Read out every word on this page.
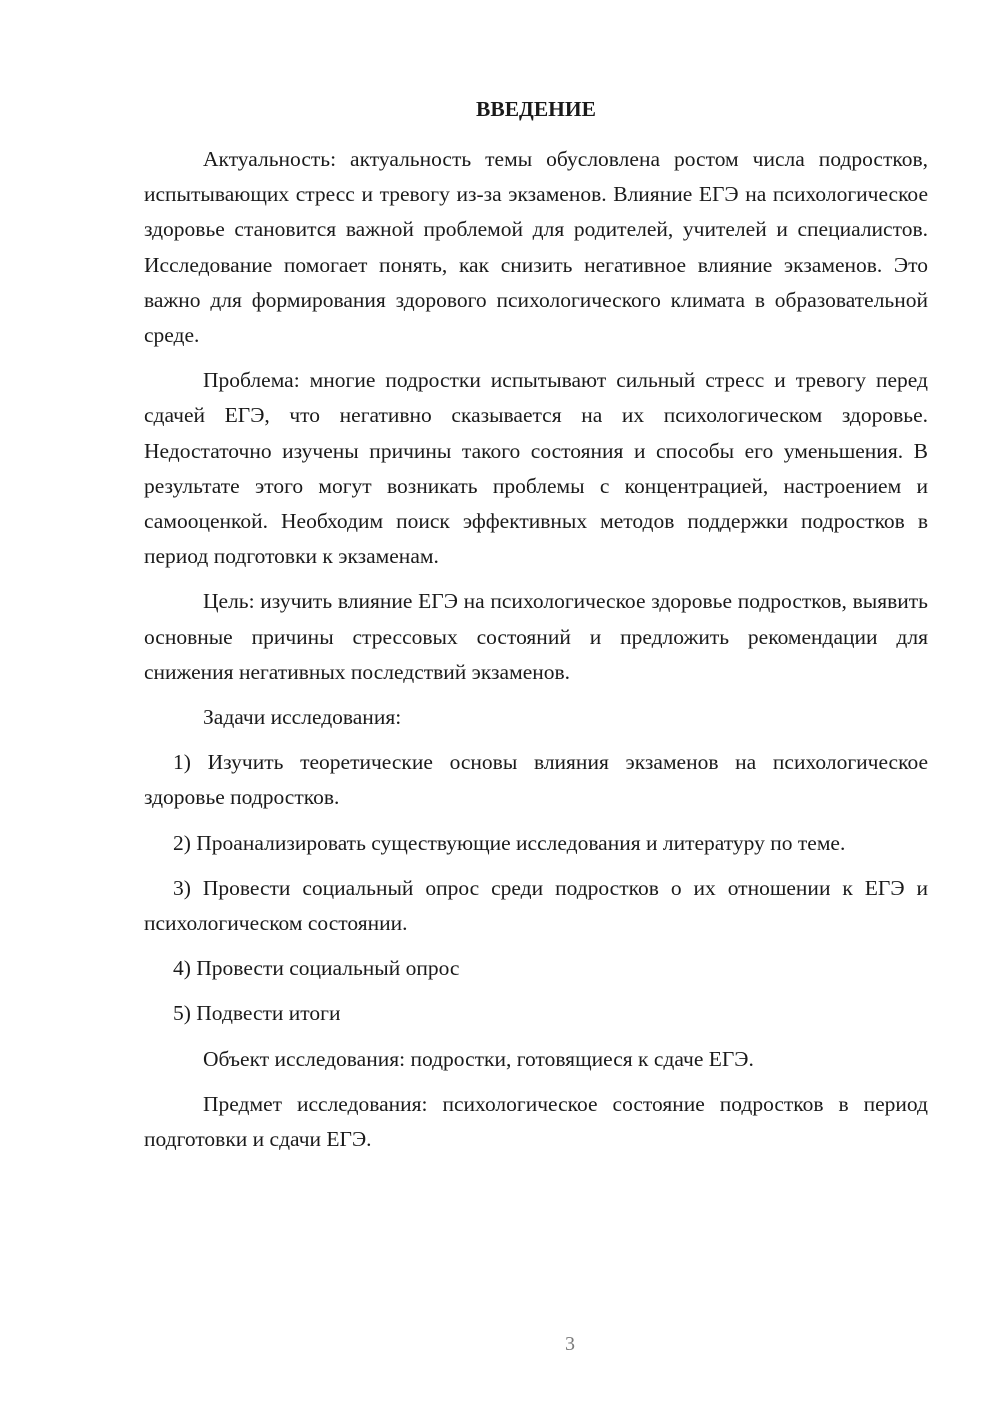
ВВЕДЕНИЕ

Актуальность: актуальность темы обусловлена ростом числа подростков, испытывающих стресс и тревогу из-за экзаменов. Влияние ЕГЭ на психологическое здоровье становится важной проблемой для родителей, учителей и специалистов. Исследование помогает понять, как снизить негативное влияние экзаменов. Это важно для формирования здорового психологического климата в образовательной среде.

Проблема: многие подростки испытывают сильный стресс и тревогу перед сдачей ЕГЭ, что негативно сказывается на их психологическом здоровье. Недостаточно изучены причины такого состояния и способы его уменьшения. В результате этого могут возникать проблемы с концентрацией, настроением и самооценкой. Необходим поиск эффективных методов поддержки подростков в период подготовки к экзаменам.

Цель: изучить влияние ЕГЭ на психологическое здоровье подростков, выявить основные причины стрессовых состояний и предложить рекомендации для снижения негативных последствий экзаменов.

Задачи исследования:

1) Изучить теоретические основы влияния экзаменов на психологическое здоровье подростков.

2) Проанализировать существующие исследования и литературу по теме.

3) Провести социальный опрос среди подростков о их отношении к ЕГЭ и психологическом состоянии.

4) Провести социальный опрос

5) Подвести итоги

Объект исследования: подростки, готовящиеся к сдаче ЕГЭ.

Предмет исследования: психологическое состояние подростков в период подготовки и сдачи ЕГЭ.

3
